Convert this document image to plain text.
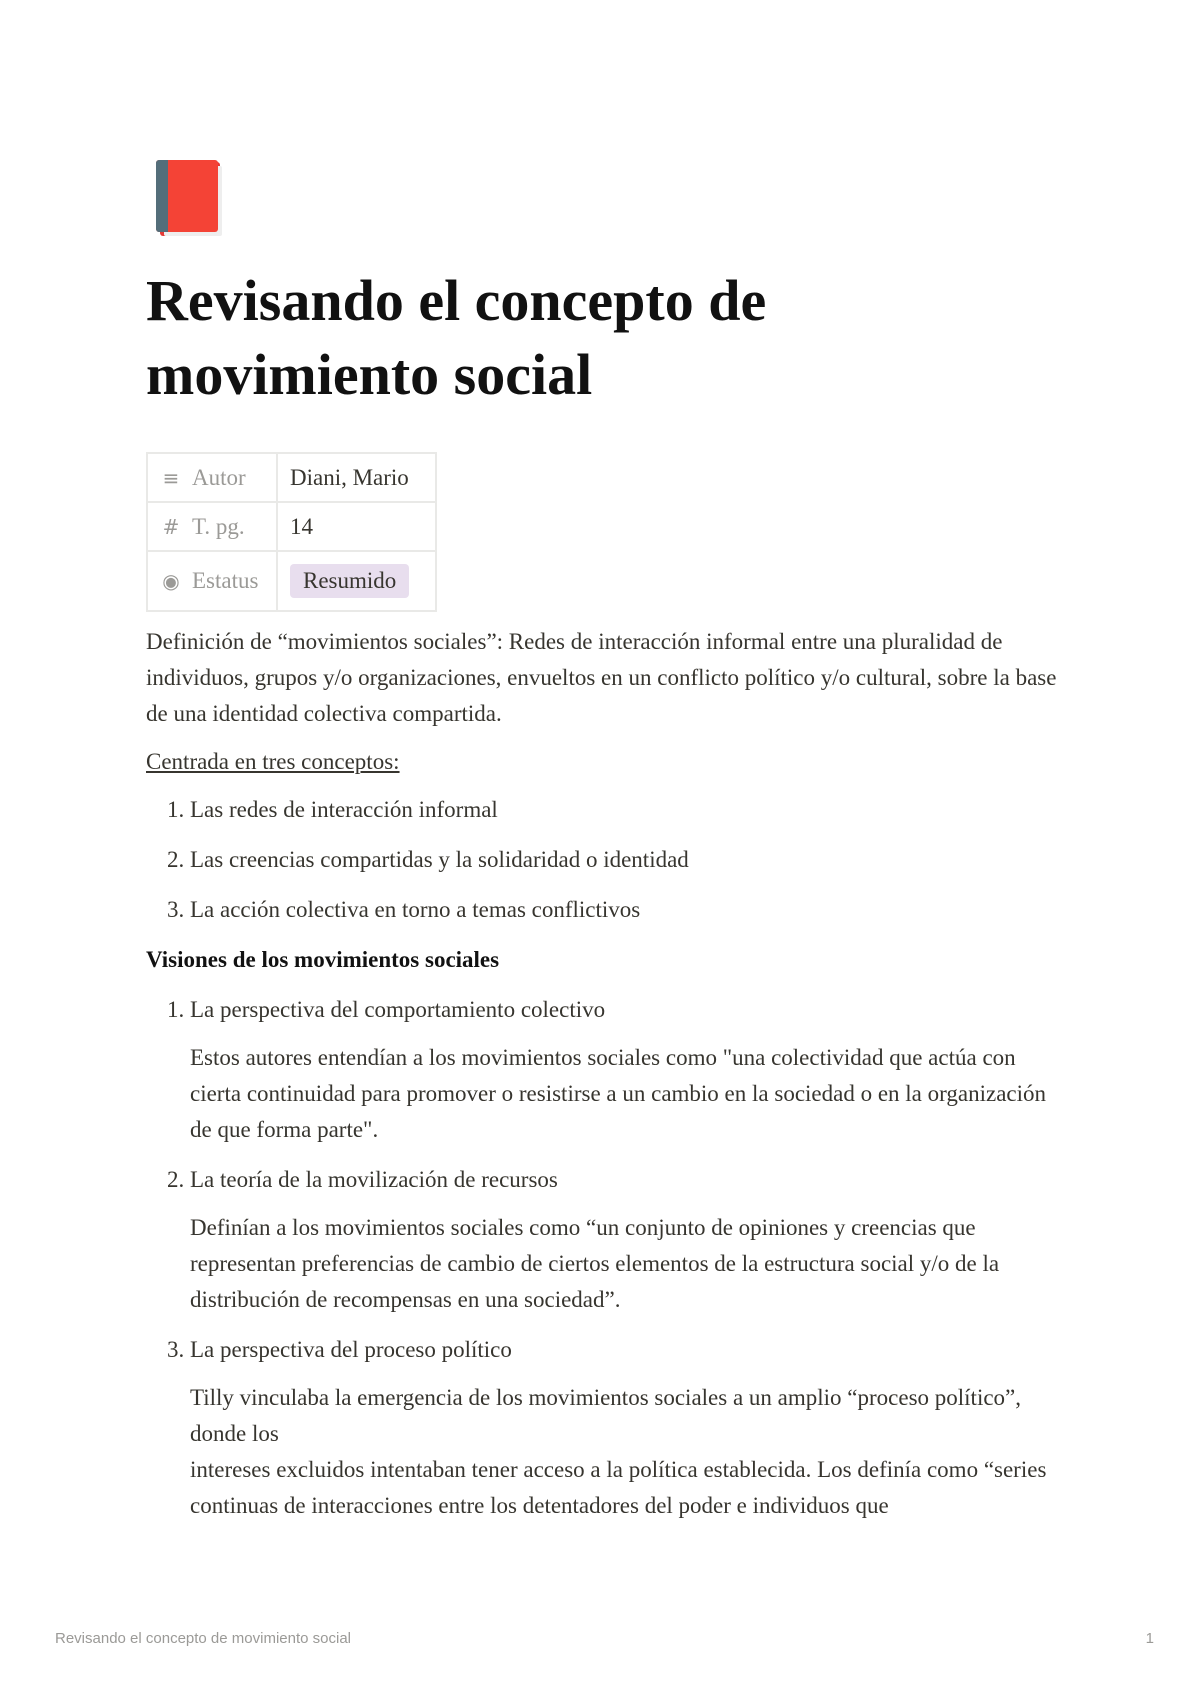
Revisando el concepto de movimiento social
≡ Autor	Diani, Mario
# T. pg.	14
◉ Estatus	Resumido

Definición de “movimientos sociales”: Redes de interacción informal entre una pluralidad de individuos, grupos y/o organizaciones, envueltos en un conflicto político y/o cultural, sobre la base de una identidad colectiva compartida.

Centrada en tres conceptos:

1. Las redes de interacción informal
2. Las creencias compartidas y la solidaridad o identidad
3. La acción colectiva en torno a temas conflictivos

Visiones de los movimientos sociales

1. La perspectiva del comportamiento colectivo

Estos autores entendían a los movimientos sociales como "una colectividad que actúa con cierta continuidad para promover o resistirse a un cambio en la sociedad o en la organización de que forma parte".

2. La teoría de la movilización de recursos

Definían a los movimientos sociales como “un conjunto de opiniones y creencias que representan preferencias de cambio de ciertos elementos de la estructura social y/o de la distribución de recompensas en una sociedad”.

3. La perspectiva del proceso político

Tilly vinculaba la emergencia de los movimientos sociales a un amplio “proceso político”, donde los

intereses excluidos intentaban tener acceso a la política establecida. Los definía como “series continuas de interacciones entre los detentadores del poder e individuos que

Revisando el concepto de movimiento social	1
